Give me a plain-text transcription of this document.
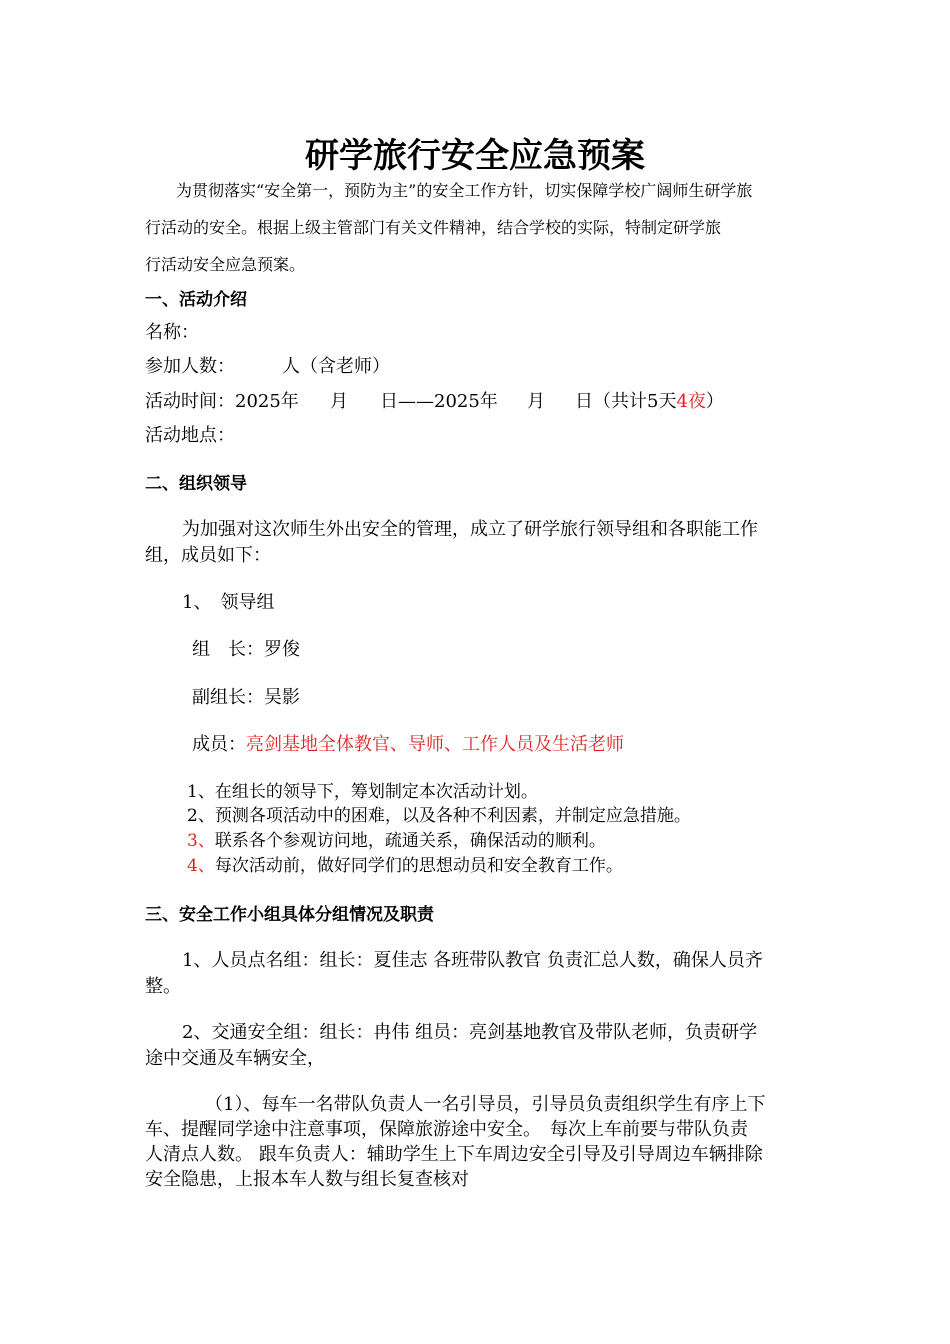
研学旅行安全应急预案
为贯彻落实“安全第一，预防为主”的安全工作方针，切实保障学校广阔师生研学旅
行活动的安全。根据上级主管部门有关文件精神，结合学校的实际，特制定研学旅
行活动安全应急预案。
一、活动介绍
名称：
参加人数：	人（含老师）
活动时间：2025年 月 日——2025年 月 日（共计5天4夜）
活动地点：
二、组织领导
为加强对这次师生外出安全的管理，成立了研学旅行领导组和各职能工作
组，成员如下：
1、　领导组
组　长：罗俊
副组长：吴影
成员：亮剑基地全体教官、导师、工作人员及生活老师
1、在组长的领导下，筹划制定本次活动计划。
2、预测各项活动中的困难，以及各种不利因素，并制定应急措施。
3、联系各个参观访问地，疏通关系，确保活动的顺利。
4、每次活动前，做好同学们的思想动员和安全教育工作。
三、安全工作小组具体分组情况及职责
1、人员点名组：组长：夏佳志 各班带队教官 负责汇总人数，确保人员齐
整。
2、交通安全组：组长：冉伟 组员：亮剑基地教官及带队老师，负责研学
途中交通及车辆安全，
（1）、每车一名带队负责人一名引导员，引导员负责组织学生有序上下
车、提醒同学途中注意事项，保障旅游途中安全。　每次上车前要与带队负责
人清点人数。 跟车负责人：辅助学生上下车周边安全引导及引导周边车辆排除
安全隐患，上报本车人数与组长复查核对
